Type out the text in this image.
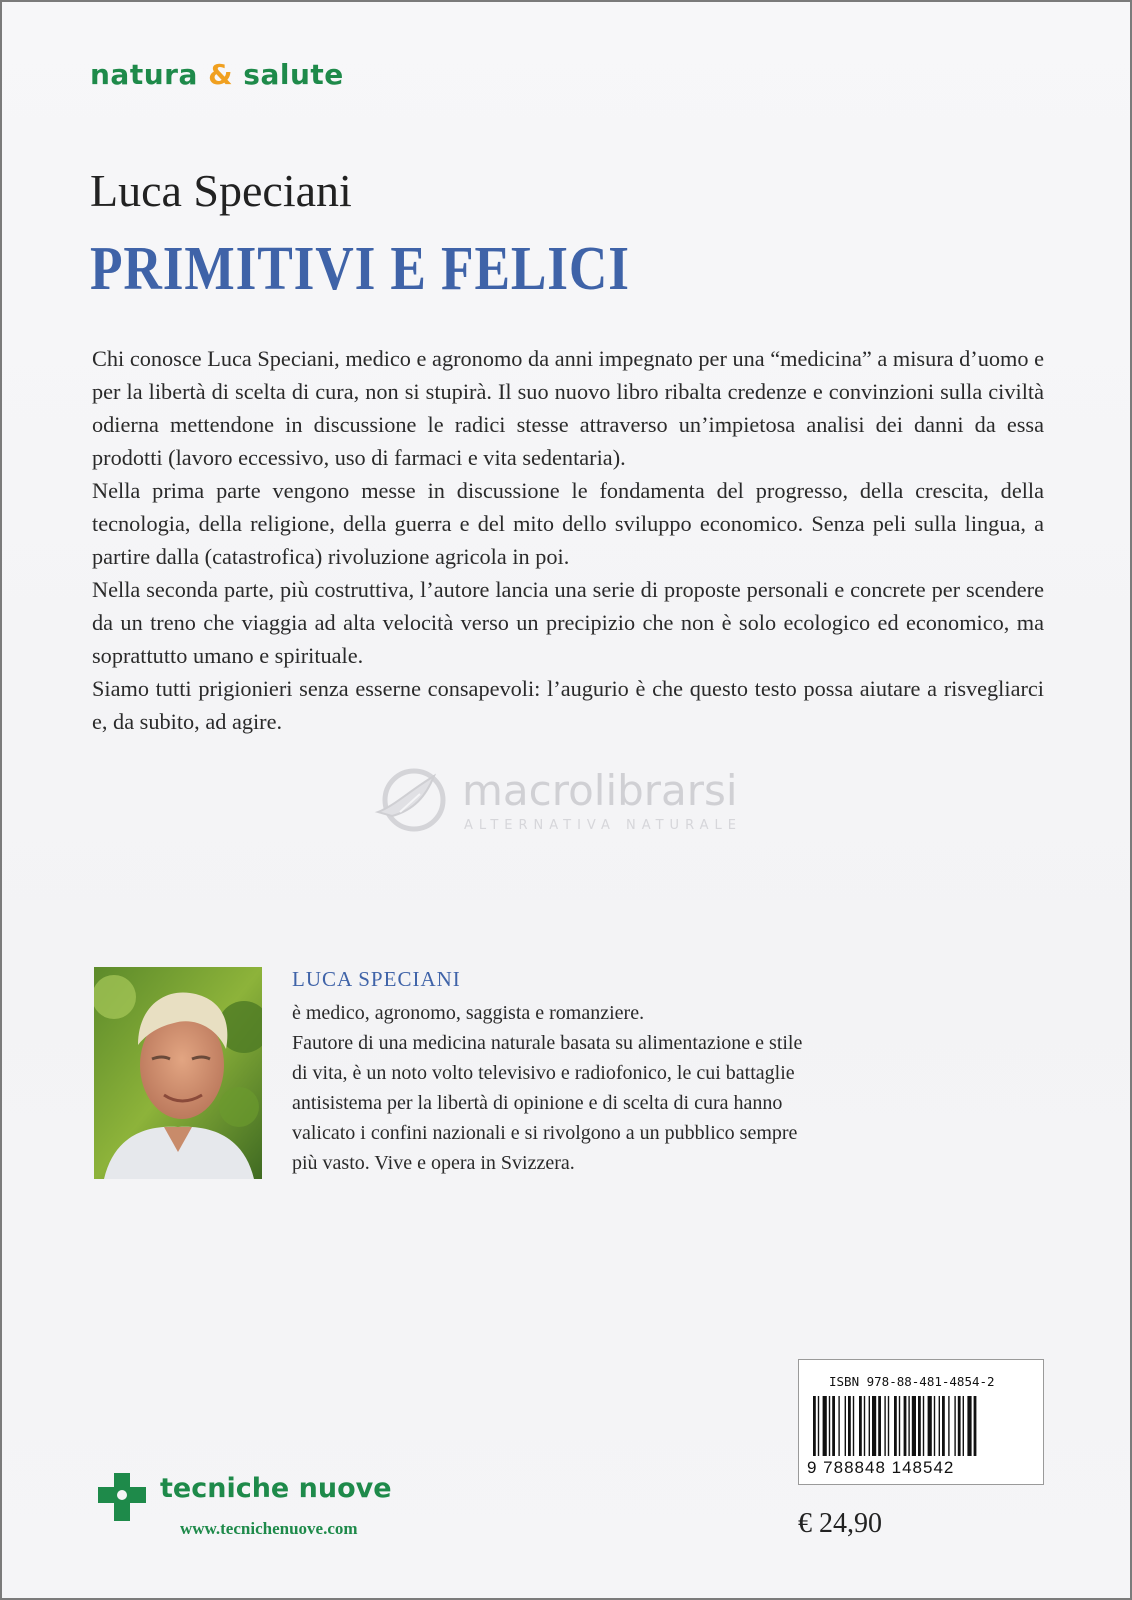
natura & salute
Luca Speciani
PRIMITIVI E FELICI

Chi conosce Luca Speciani, medico e agronomo da anni impegnato per una “medicina” a misura d’uomo e per la libertà di scelta di cura, non si stupirà. Il suo nuovo libro ribalta credenze e convinzioni sulla civiltà odierna mettendone in discussione le radici stesse attraverso un’impietosa analisi dei danni da essa prodotti (lavoro eccessivo, uso di farmaci e vita sedentaria).

Nella prima parte vengono messe in discussione le fondamenta del progresso, della crescita, della tecnologia, della religione, della guerra e del mito dello sviluppo economico. Senza peli sulla lingua, a partire dalla (catastrofica) rivoluzione agricola in poi.

Nella seconda parte, più costruttiva, l’autore lancia una serie di proposte personali e concrete per scendere da un treno che viaggia ad alta velocità verso un precipizio che non è solo ecologico ed economico, ma soprattutto umano e spirituale.

Siamo tutti prigionieri senza esserne consapevoli: l’augurio è che questo testo possa aiutare a risvegliarci e, da subito, ad agire.

macrolibrarsi
ALTERNATIVA NATURALE
LUCA SPECIANI
è medico, agronomo, saggista e romanziere.
Fautore di una medicina naturale basata su alimentazione e stile
di vita, è un noto volto televisivo e radiofonico, le cui battaglie
antisistema per la libertà di opinione e di scelta di cura hanno
valicato i confini nazionali e si rivolgono a un pubblico sempre
più vasto. Vive e opera in Svizzera.
ISBN 978-88-481-4854-2
9 788848 148542
€ 24,90
tecniche nuove
www.tecnichenuove.com
